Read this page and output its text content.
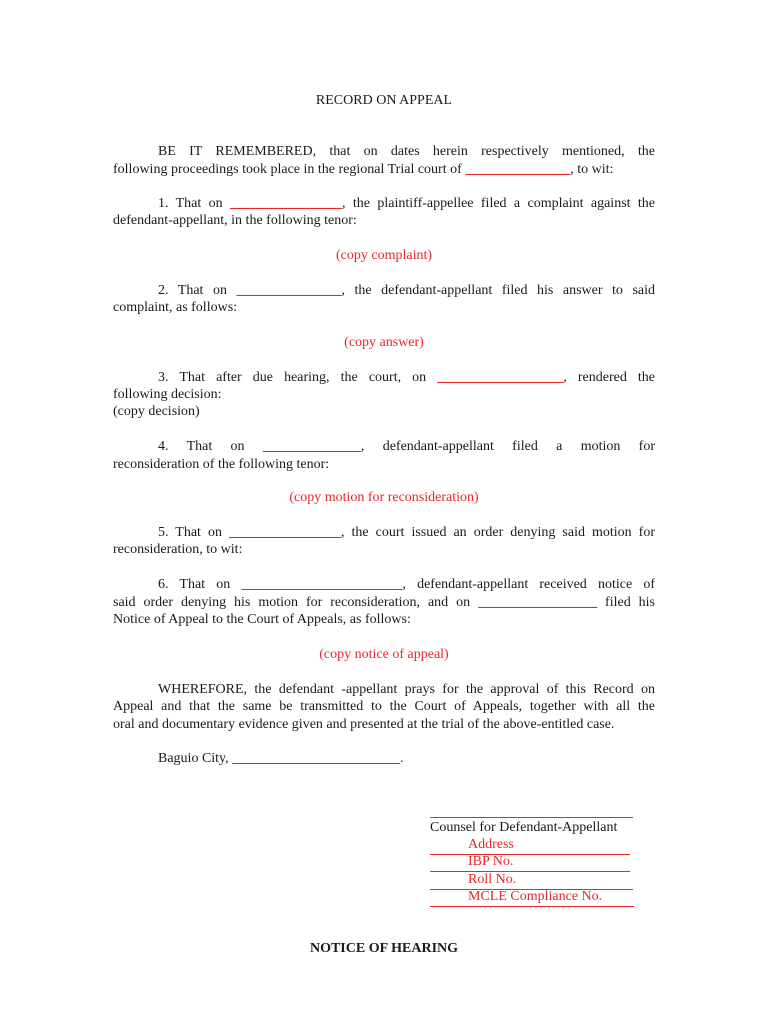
RECORD ON APPEAL

BE IT REMEMBERED, that on dates herein respectively mentioned, the

following proceedings took place in the regional Trial court of _______________, to wit:

1. That on ________________, the plaintiff-appellee filed a complaint against the

defendant-appellant, in the following tenor:

(copy complaint)

2. That on _______________, the defendant-appellant filed his answer to said

complaint, as follows:

(copy answer)

3. That after due hearing, the court, on __________________, rendered the

following decision:

(copy decision)

4. That on ______________, defendant-appellant filed a motion for

reconsideration of the following tenor:

(copy motion for reconsideration)

5. That on ________________, the court issued an order denying said motion for

reconsideration, to wit:

6. That on _______________________, defendant-appellant received notice of

said order denying his motion for reconsideration, and on _________________ filed his

Notice of Appeal to the Court of Appeals, as follows:

(copy notice of appeal)

WHEREFORE, the defendant -appellant prays for the approval of this Record on

Appeal and that the same be transmitted to the Court of Appeals, together with all the

oral and documentary evidence given and presented at the trial of the above-entitled case.

Baguio City, ________________________.

Counsel for Defendant-Appellant

Address

IBP No.

Roll No.

MCLE Compliance No.

NOTICE OF HEARING
